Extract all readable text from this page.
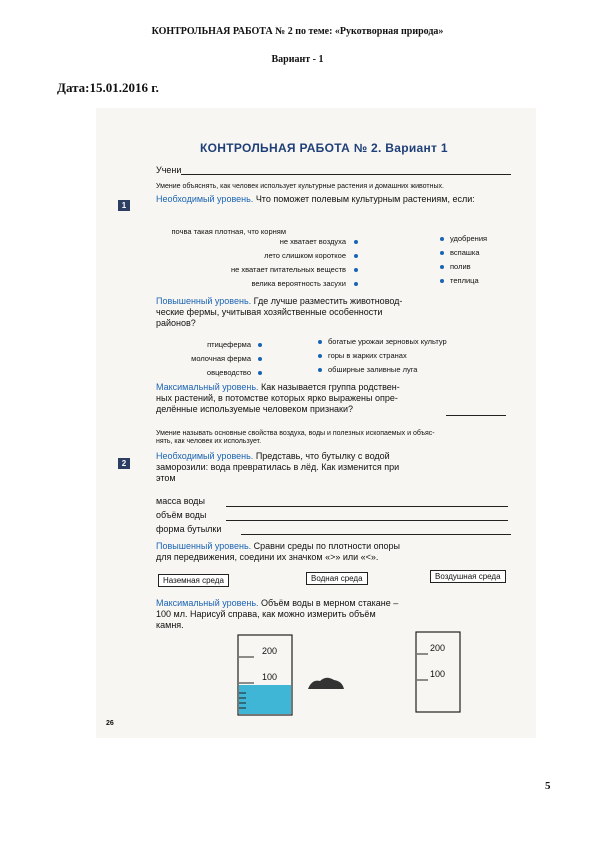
КОНТРОЛЬНАЯ РАБОТА № 2 по теме: «Рукотворная природа»
Вариант - 1
Дата:15.01.2016 г.
КОНТРОЛЬНАЯ РАБОТА № 2. Вариант 1
Учени
Умение объяснять, как человек использует культурные растения и домашних животных.
1
Необходимый уровень. Что поможет полевым культурным растениям, если:
почва такая плотная, что корням
не хватает воздуха
лето слишком короткое
не хватает питательных веществ
велика вероятность засухи
удобрения
вспашка
полив
теплица
Повышенный уровень. Где лучше разместить животновод-
ческие фермы, учитывая хозяйственные особенности
районов?
птицеферма
молочная ферма
овцеводство
богатые урожаи зерновых культур
горы в жарких странах
обширные заливные луга
Максимальный уровень. Как называется группа родствен-
ных растений, в потомстве которых ярко выражены опре-
делённые используемые человеком признаки?
Умение называть основные свойства воздуха, воды и полезных ископаемых и объяс-
нять, как человек их использует.
2
Необходимый уровень. Представь, что бутылку с водой
заморозили: вода превратилась в лёд. Как изменится при
этом
масса воды
объём воды
форма бутылки
Повышенный уровень. Сравни среды по плотности опоры
для передвижения, соедини их значком «>» или «<».
Наземная среда	Водная среда	Воздушная среда
Максимальный уровень. Объём воды в мерном стакане –
100 мл. Нарисуй справа, как можно измерить объём
камня.
200
100
200
100
26
5
